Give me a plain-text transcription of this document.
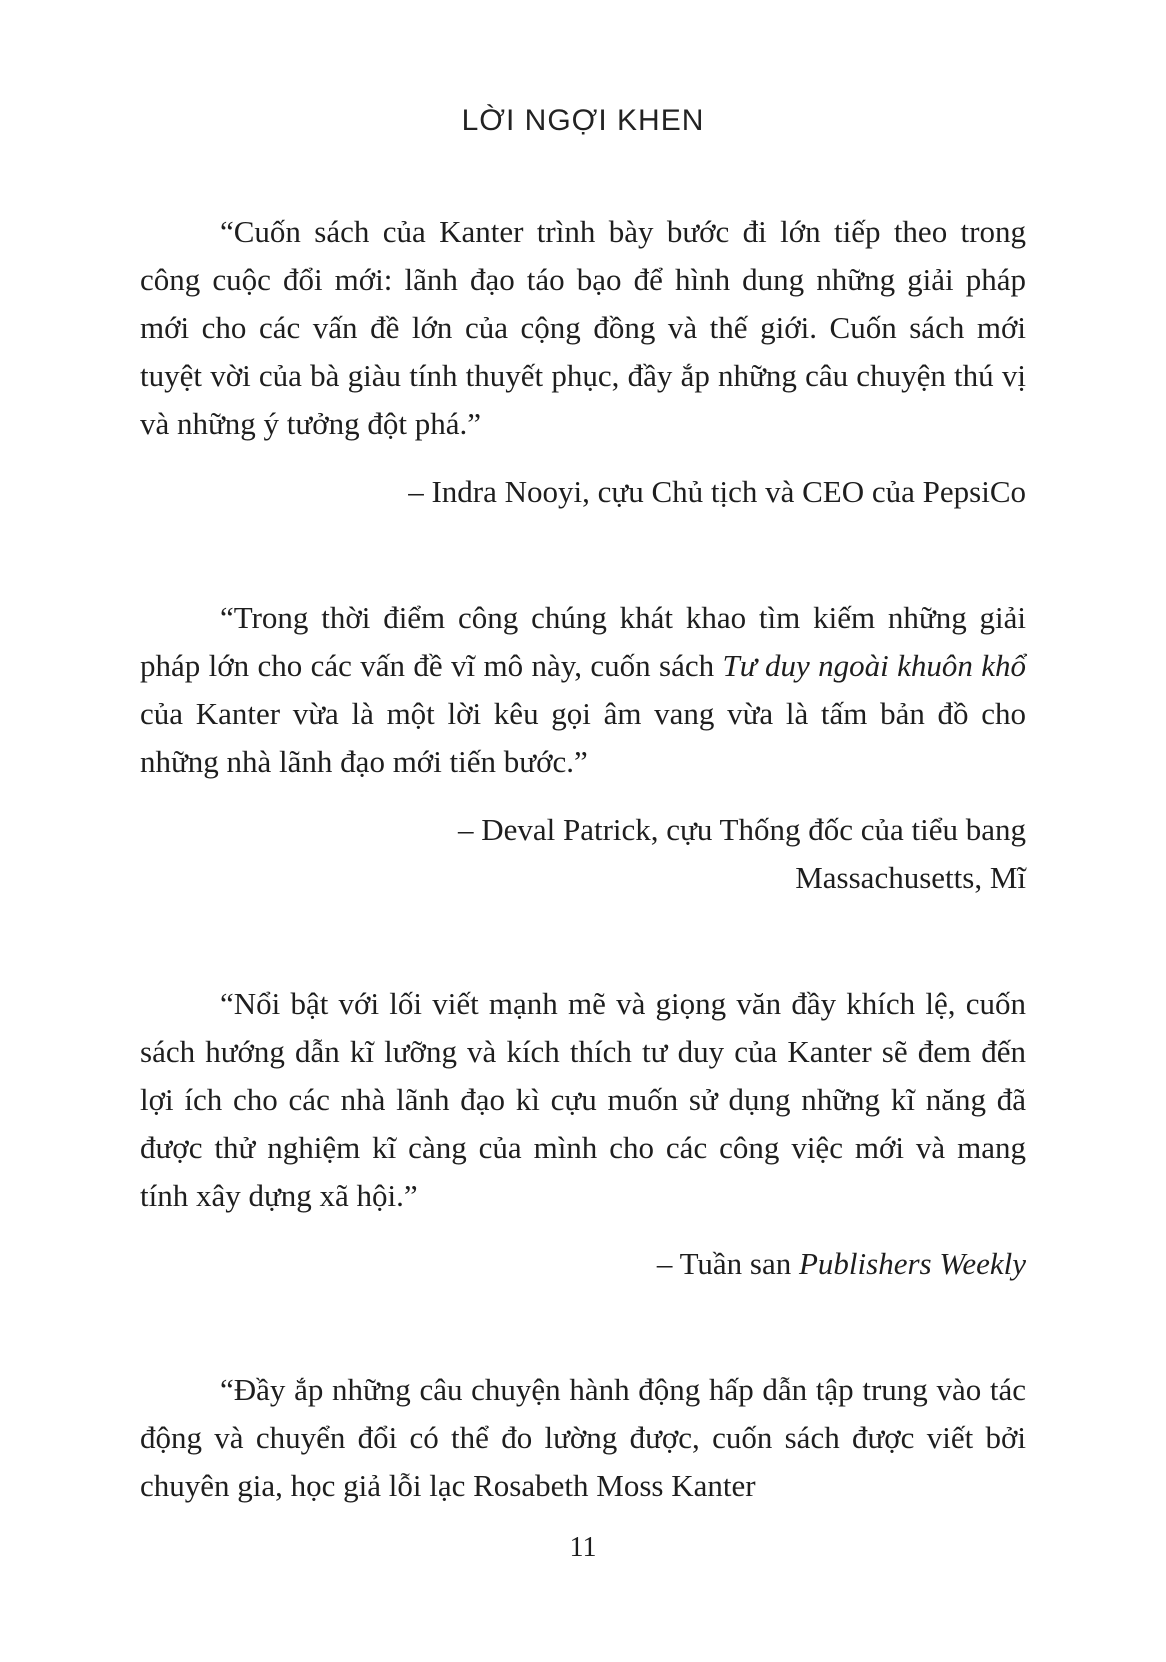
LỜI NGỢI KHEN

“Cuốn sách của Kanter trình bày bước đi lớn tiếp theo trong công cuộc đổi mới: lãnh đạo táo bạo để hình dung những giải pháp mới cho các vấn đề lớn của cộng đồng và thế giới. Cuốn sách mới tuyệt vời của bà giàu tính thuyết phục, đầy ắp những câu chuyện thú vị và những ý tưởng đột phá.”

– Indra Nooyi, cựu Chủ tịch và CEO của PepsiCo

“Trong thời điểm công chúng khát khao tìm kiếm những giải pháp lớn cho các vấn đề vĩ mô này, cuốn sách Tư duy ngoài khuôn khổ của Kanter vừa là một lời kêu gọi âm vang vừa là tấm bản đồ cho những nhà lãnh đạo mới tiến bước.”

– Deval Patrick, cựu Thống đốc của tiểu bang

Massachusetts, Mĩ

“Nổi bật với lối viết mạnh mẽ và giọng văn đầy khích lệ, cuốn sách hướng dẫn kĩ lưỡng và kích thích tư duy của Kanter sẽ đem đến lợi ích cho các nhà lãnh đạo kì cựu muốn sử dụng những kĩ năng đã được thử nghiệm kĩ càng của mình cho các công việc mới và mang tính xây dựng xã hội.”

– Tuần san Publishers Weekly

“Đầy ắp những câu chuyện hành động hấp dẫn tập trung vào tác động và chuyển đổi có thể đo lường được, cuốn sách được viết bởi chuyên gia, học giả lỗi lạc Rosabeth Moss Kanter

11
